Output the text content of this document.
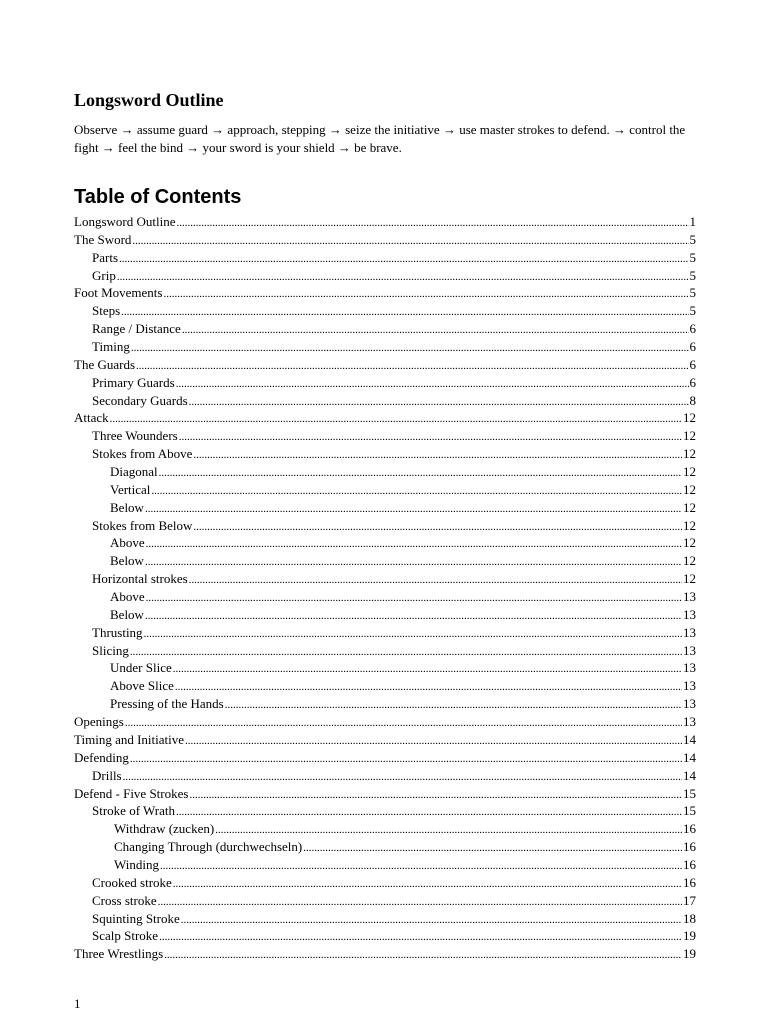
Longsword Outline

Observe → assume guard → approach, stepping → seize the initiative → use master strokes to defend. → control the fight → feel the bind → your sword is your shield → be brave.

Table of Contents
Longsword Outline .....	1
The Sword .....	5
Parts .....	5
Grip .....	5
Foot Movements .....	5
Steps .....	5
Range / Distance .....	6
Timing .....	6
The Guards .....	6
Primary Guards .....	6
Secondary Guards .....	8
Attack .....	12
Three Wounders .....	12
Stokes from Above .....	12
Diagonal .....	12
Vertical .....	12
Below .....	12
Stokes from Below .....	12
Above .....	12
Below .....	12
Horizontal strokes .....	12
Above .....	13
Below .....	13
Thrusting .....	13
Slicing .....	13
Under Slice .....	13
Above Slice .....	13
Pressing of the Hands .....	13
Openings .....	13
Timing and Initiative .....	14
Defending .....	14
Drills .....	14
Defend - Five Strokes .....	15
Stroke of Wrath .....	15
Withdraw (zucken) .....	16
Changing Through (durchwechseln) .....	16
Winding .....	16
Crooked stroke .....	16
Cross stroke .....	17
Squinting Stroke .....	18
Scalp Stroke .....	19
Three Wrestlings .....	19

1
